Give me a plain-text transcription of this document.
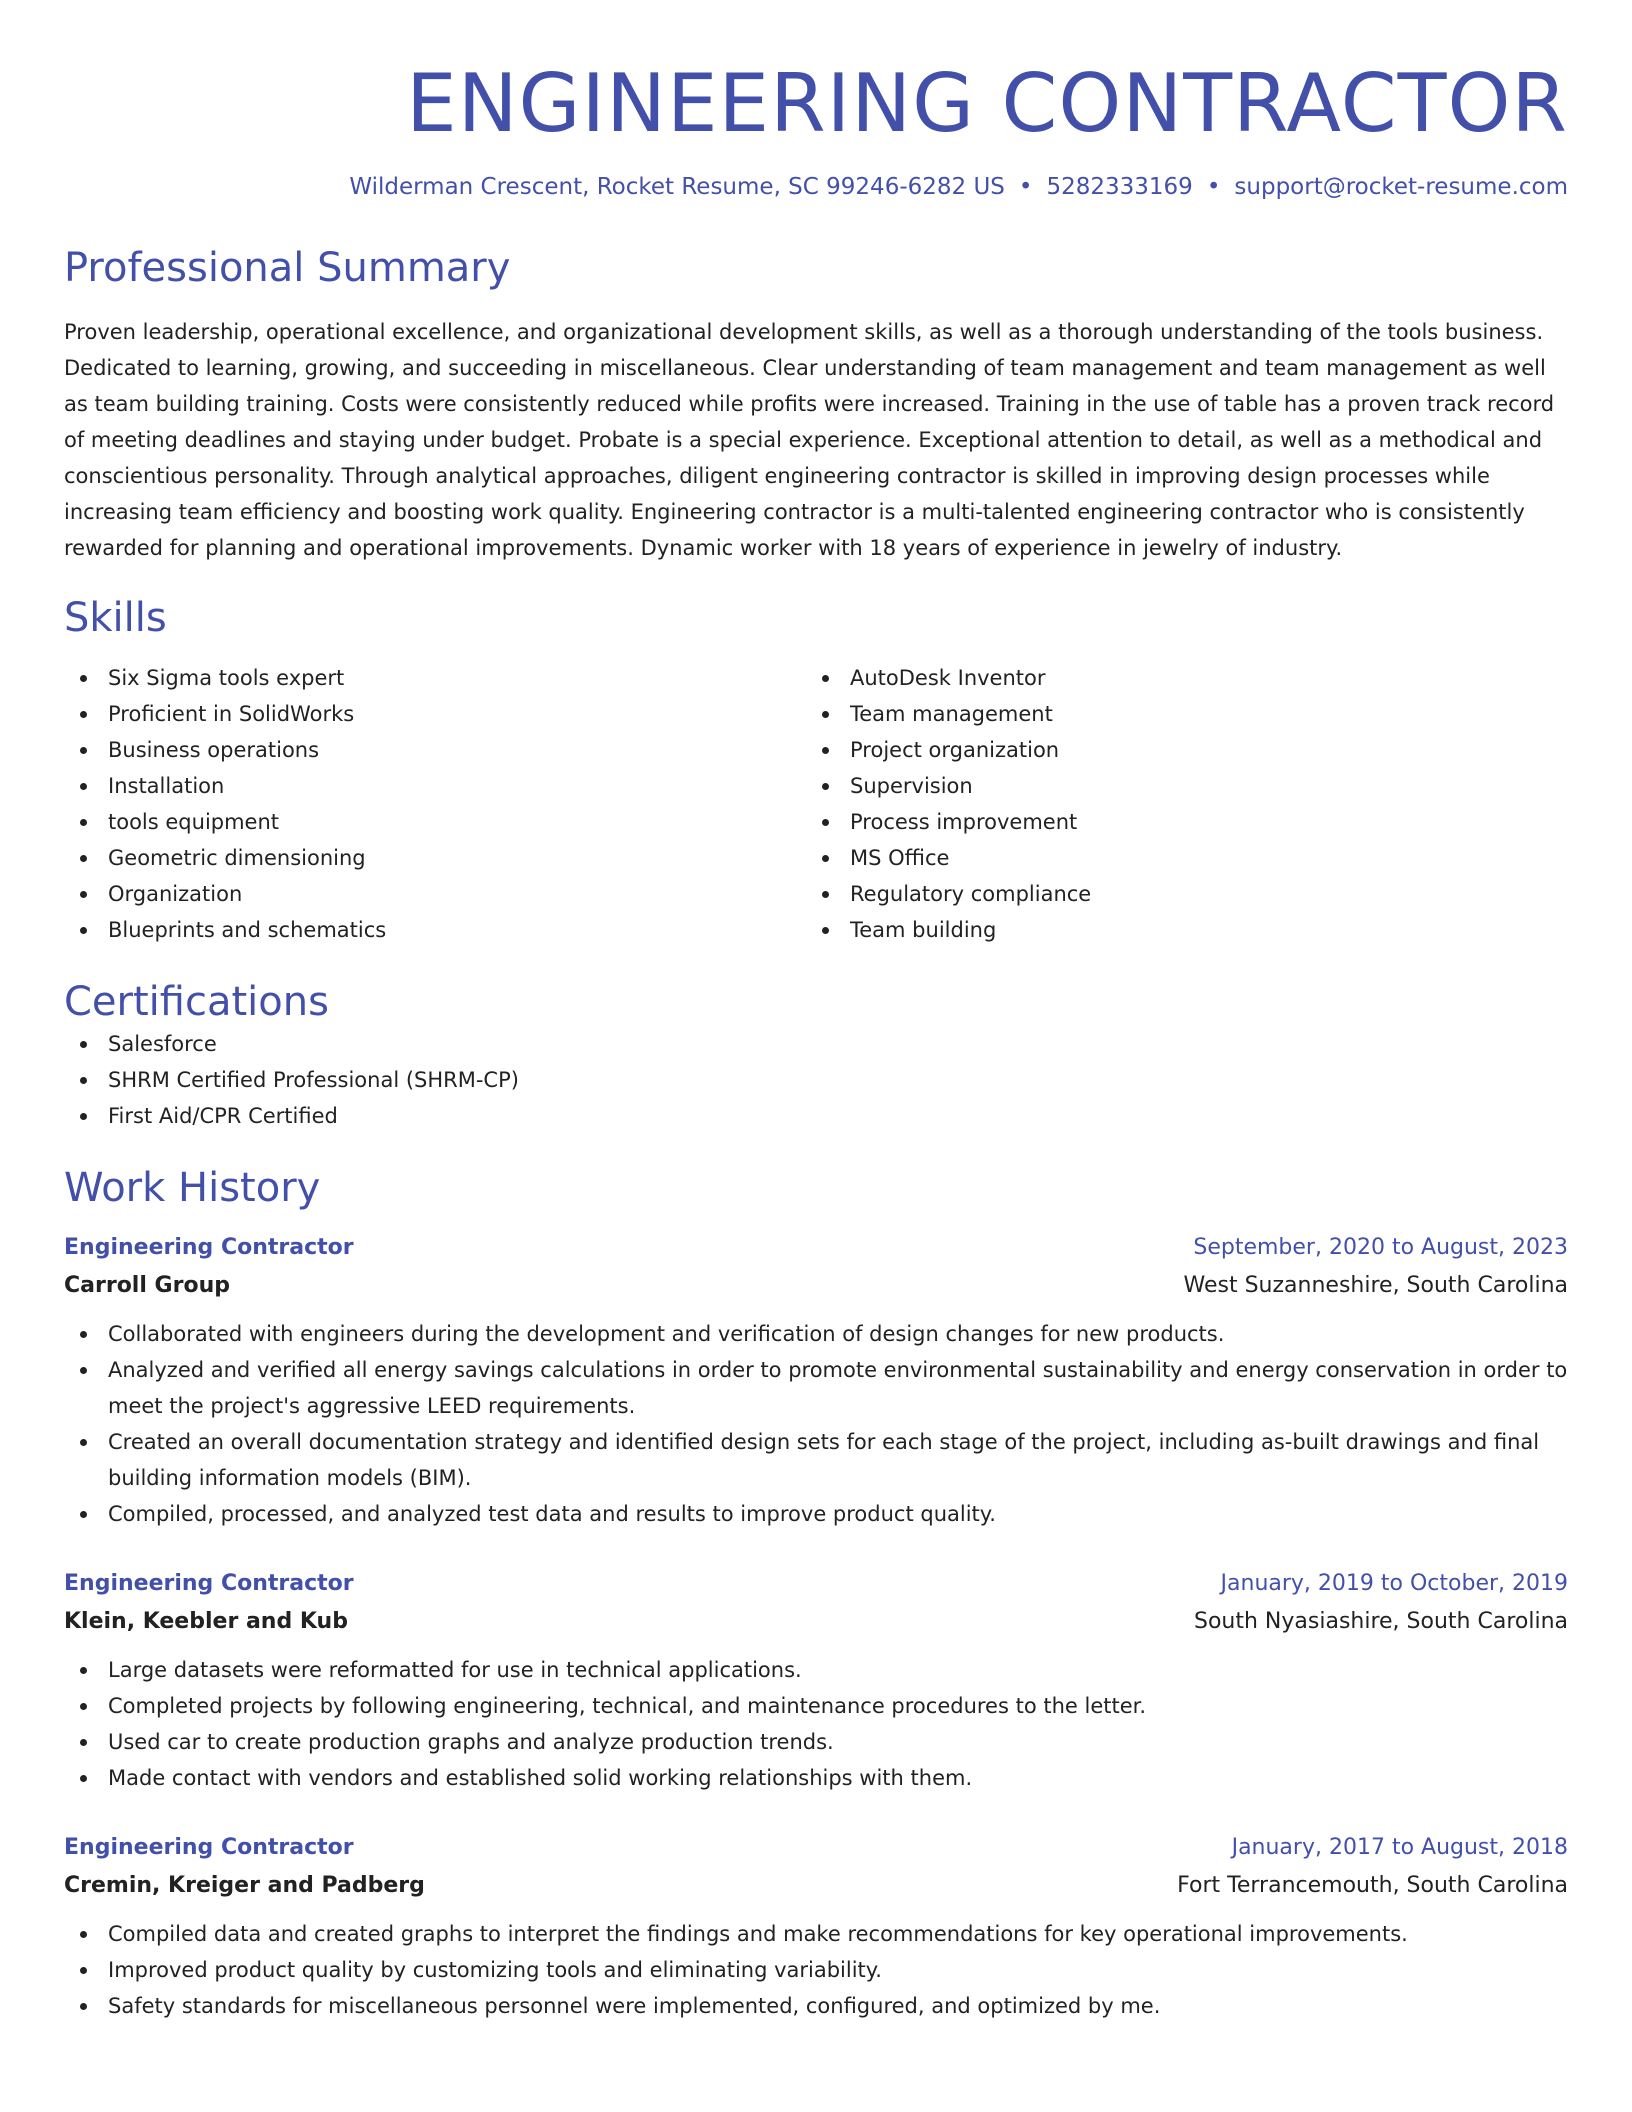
ENGINEERING CONTRACTOR
Wilderman Crescent, Rocket Resume, SC 99246-6282 US • 5282333169 • support@rocket-resume.com
Professional Summary
Proven leadership, operational excellence, and organizational development skills, as well as a thorough understanding of the tools business. Dedicated to learning, growing, and succeeding in miscellaneous. Clear understanding of team management and team management as well as team building training. Costs were consistently reduced while profits were increased. Training in the use of table has a proven track record of meeting deadlines and staying under budget. Probate is a special experience. Exceptional attention to detail, as well as a methodical and conscientious personality. Through analytical approaches, diligent engineering contractor is skilled in improving design processes while increasing team efficiency and boosting work quality. Engineering contractor is a multi-talented engineering contractor who is consistently rewarded for planning and operational improvements. Dynamic worker with 18 years of experience in jewelry of industry.
Skills
Six Sigma tools expert
Proficient in SolidWorks
Business operations
Installation
tools equipment
Geometric dimensioning
Organization
Blueprints and schematics
AutoDesk Inventor
Team management
Project organization
Supervision
Process improvement
MS Office
Regulatory compliance
Team building
Certifications
Salesforce
SHRM Certified Professional (SHRM-CP)
First Aid/CPR Certified
Work History
Engineering Contractor	September, 2020 to August, 2023
Carroll Group	West Suzanneshire, South Carolina
Collaborated with engineers during the development and verification of design changes for new products.
Analyzed and verified all energy savings calculations in order to promote environmental sustainability and energy conservation in order to meet the project's aggressive LEED requirements.
Created an overall documentation strategy and identified design sets for each stage of the project, including as-built drawings and final building information models (BIM).
Compiled, processed, and analyzed test data and results to improve product quality.
Engineering Contractor	January, 2019 to October, 2019
Klein, Keebler and Kub	South Nyasiashire, South Carolina
Large datasets were reformatted for use in technical applications.
Completed projects by following engineering, technical, and maintenance procedures to the letter.
Used car to create production graphs and analyze production trends.
Made contact with vendors and established solid working relationships with them.
Engineering Contractor	January, 2017 to August, 2018
Cremin, Kreiger and Padberg	Fort Terrancemouth, South Carolina
Compiled data and created graphs to interpret the findings and make recommendations for key operational improvements.
Improved product quality by customizing tools and eliminating variability.
Safety standards for miscellaneous personnel were implemented, configured, and optimized by me.
